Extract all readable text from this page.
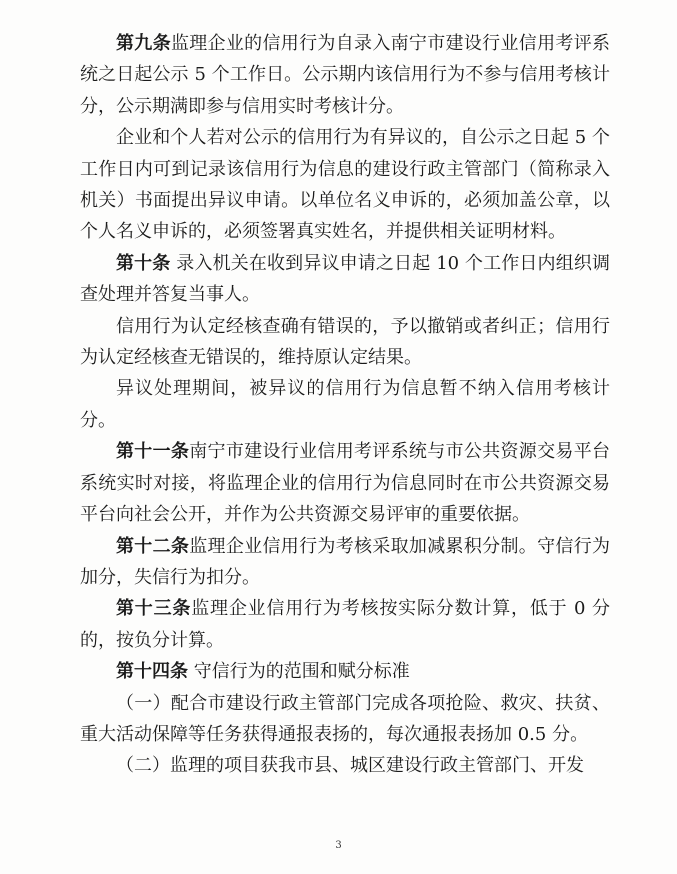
第九条监理企业的信用行为自录入南宁市建设行业信用考评系统之日起公示 5 个工作日。公示期内该信用行为不参与信用考核计分，公示期满即参与信用实时考核计分。

企业和个人若对公示的信用行为有异议的，自公示之日起 5 个工作日内可到记录该信用行为信息的建设行政主管部门（简称录入机关）书面提出异议申请。以单位名义申诉的，必须加盖公章，以个人名义申诉的，必须签署真实姓名，并提供相关证明材料。

第十条 录入机关在收到异议申请之日起 10 个工作日内组织调查处理并答复当事人。

信用行为认定经核查确有错误的，予以撤销或者纠正；信用行为认定经核查无错误的，维持原认定结果。

异议处理期间，被异议的信用行为信息暂不纳入信用考核计分。

第十一条南宁市建设行业信用考评系统与市公共资源交易平台系统实时对接，将监理企业的信用行为信息同时在市公共资源交易平台向社会公开，并作为公共资源交易评审的重要依据。

第十二条监理企业信用行为考核采取加减累积分制。守信行为加分，失信行为扣分。

第十三条监理企业信用行为考核按实际分数计算，低于 0 分的，按负分计算。

第十四条 守信行为的范围和赋分标准

（一）配合市建设行政主管部门完成各项抢险、救灾、扶贫、重大活动保障等任务获得通报表扬的，每次通报表扬加 0.5 分。

（二）监理的项目获我市县、城区建设行政主管部门、开发

3
